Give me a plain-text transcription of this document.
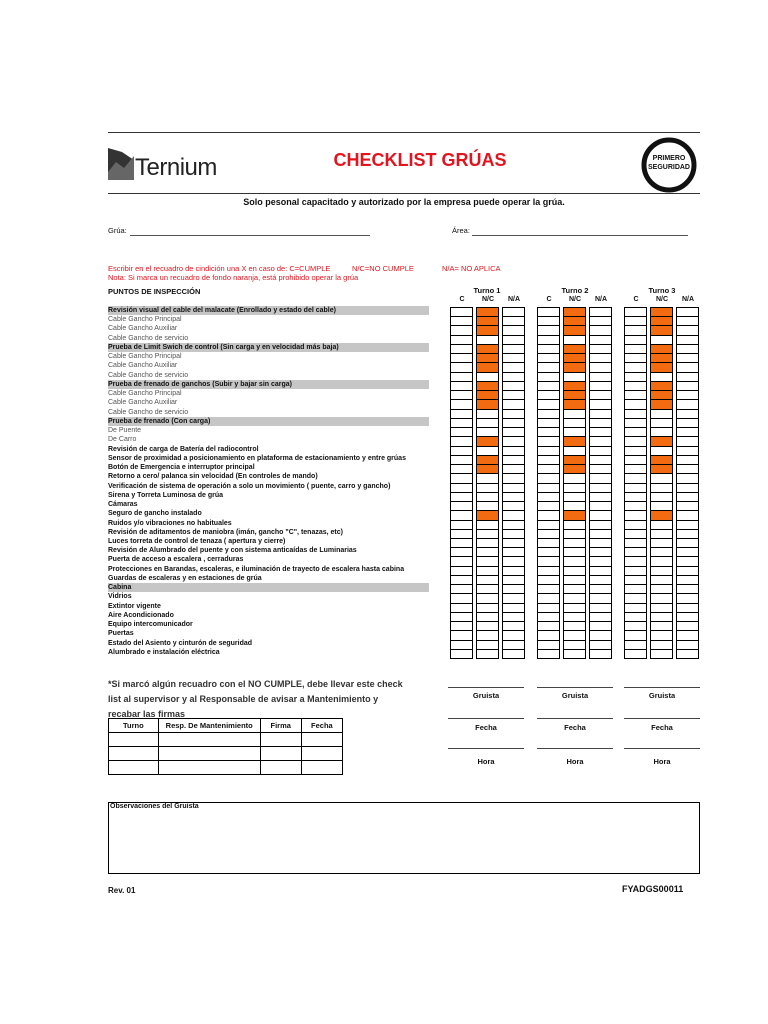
Ternium	CHECKLIST GRÚAS	PRIMERO
SEGURIDAD
Solo pesonal capacitado y autorizado por la empresa puede operar la grúa.
Grúa:	Área:
Escribir en el recuadro de cindición una X en caso de: C=CUMPLE	N/C=NO CUMPLE	N/A= NO APLICA
Nota: Si marca un recuadro de fondo naranja, está prohibido operar la grúa
PUNTOS DE INSPECCIÓN	Turno 1	Turno 2	Turno 3
C	N/C	N/A	C	N/C	N/A	C	N/C	N/A
Revisión visual del cable del malacate (Enrollado y estado del cable)
Cable Gancho Principal
Cable Gancho Auxiliar
Cable Gancho de servicio
Prueba de Limit Swich de control (Sin carga y en velocidad más baja)
Cable Gancho Principal
Cable Gancho Auxiliar
Cable Gancho de servicio
Prueba de frenado de ganchos (Subir y bajar sin carga)
Cable Gancho Principal
Cable Gancho Auxiliar
Cable Gancho de servicio
Prueba de frenado (Con carga)
De Puente
De Carro
Revisión de carga de Batería del radiocontrol
Sensor de proximidad a posicionamiento en plataforma de estacionamiento y entre grúas
Botón de Emergencia e interruptor principal
Retorno a cero/ palanca sin velocidad (En controles de mando)
Verificación de sistema de operación a solo un movimiento ( puente, carro y gancho)
Sirena y Torreta Luminosa de grúa
Cámaras
Seguro de gancho instalado
Ruidos y/o vibraciones no habituales
Revisión de aditamentos de maniobra (imán, gancho "C", tenazas, etc)
Luces torreta de control de tenaza ( apertura y cierre)
Revisión de Alumbrado del puente y con sistema anticaídas de Luminarias
Puerta de acceso a escalera , cerraduras
Protecciones en Barandas, escaleras, e iluminación de trayecto de escalera hasta cabina
Guardas de escaleras y en estaciones de grúa
Cabina
Vidrios
Extintor vigente
Aire Acondicionado
Equipo intercomunicador
Puertas
Estado del Asiento y cinturón de seguridad
Alumbrado e instalación eléctrica
*Si marcó algún recuadro con el NO CUMPLE, debe llevar este check list al supervisor y al Responsable de avisar a Mantenimiento y recabar las firmas
Gruista
Fecha
Hora
Gruista
Fecha
Hora
Gruista
Fecha
Hora
Turno	Resp. De Mantenimiento	Firma	Fecha

Observaciones del Gruista
Rev. 01	FYADGS00011
